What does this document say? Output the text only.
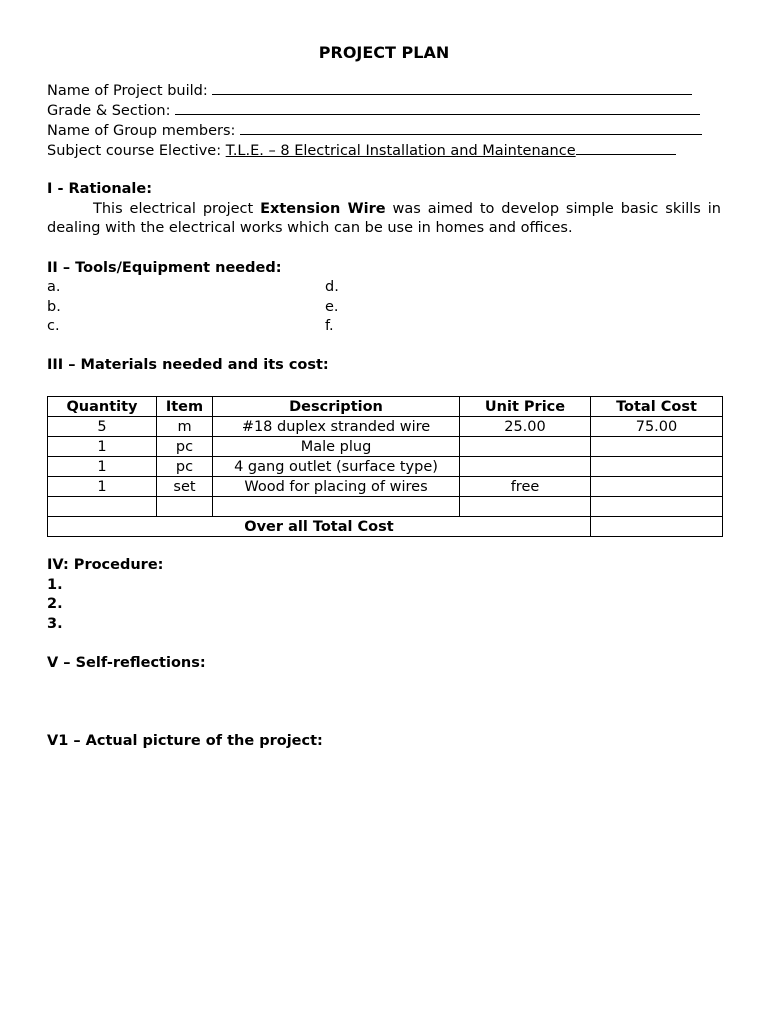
PROJECT PLAN
Name of Project build:
Grade & Section:
Name of Group members:
Subject course Elective: T.L.E. – 8 Electrical Installation and Maintenance
I - Rationale:
This electrical project Extension Wire was aimed to develop simple basic skills in dealing with the electrical works which can be use in homes and offices.
II – Tools/Equipment needed:
a.
b.
c.
d.
e.
f.
III – Materials needed and its cost:
Quantity	Item	Description	Unit Price	Total Cost
5	m	#18 duplex stranded wire	25.00	75.00
1	pc	Male plug		
1	pc	4 gang outlet (surface type)		
1	set	Wood for placing of wires	free	

Over all Total Cost				
IV: Procedure:
1.
2.
3.
V – Self-reflections:
V1 – Actual picture of the project:
